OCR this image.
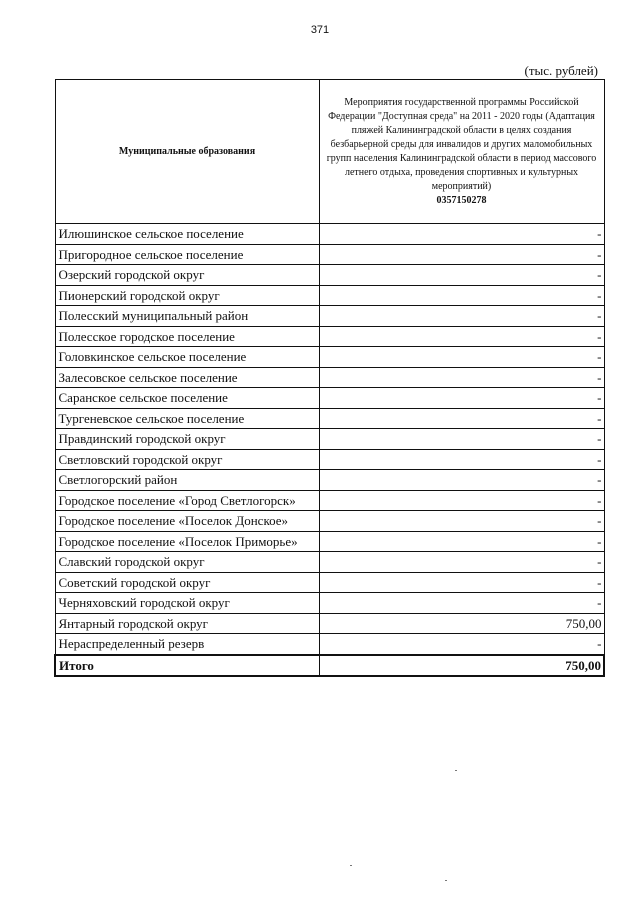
371
(тыс. рублей)
Муниципальные образования	Мероприятия государственной программы Российской Федерации "Доступная среда" на 2011 - 2020 годы (Адаптация пляжей Калининградской области в целях создания безбарьерной среды для инвалидов и других маломобильных групп населения Калининградской области в период массового летнего отдыха, проведения спортивных и культурных мероприятий)
0357150278

Илюшинское сельское поселение	-
Пригородное сельское поселение	-
Озерский городской округ	-
Пионерский городской округ	-
Полесский муниципальный район	-
Полесское городское поселение	-
Головкинское сельское поселение	-
Залесовское сельское поселение	-
Саранское сельское поселение	-
Тургеневское сельское поселение	-
Правдинский городской округ	-
Светловский городской округ	-
Светлогорский район	-
Городское поселение «Город Светлогорск»	-
Городское поселение «Поселок Донское»	-
Городское поселение «Поселок Приморье»	-
Славский городской округ	-
Советский городской округ	-
Черняховский городской округ	-
Янтарный городской округ	750,00
Нераспределенный резерв	-
Итого	750,00
